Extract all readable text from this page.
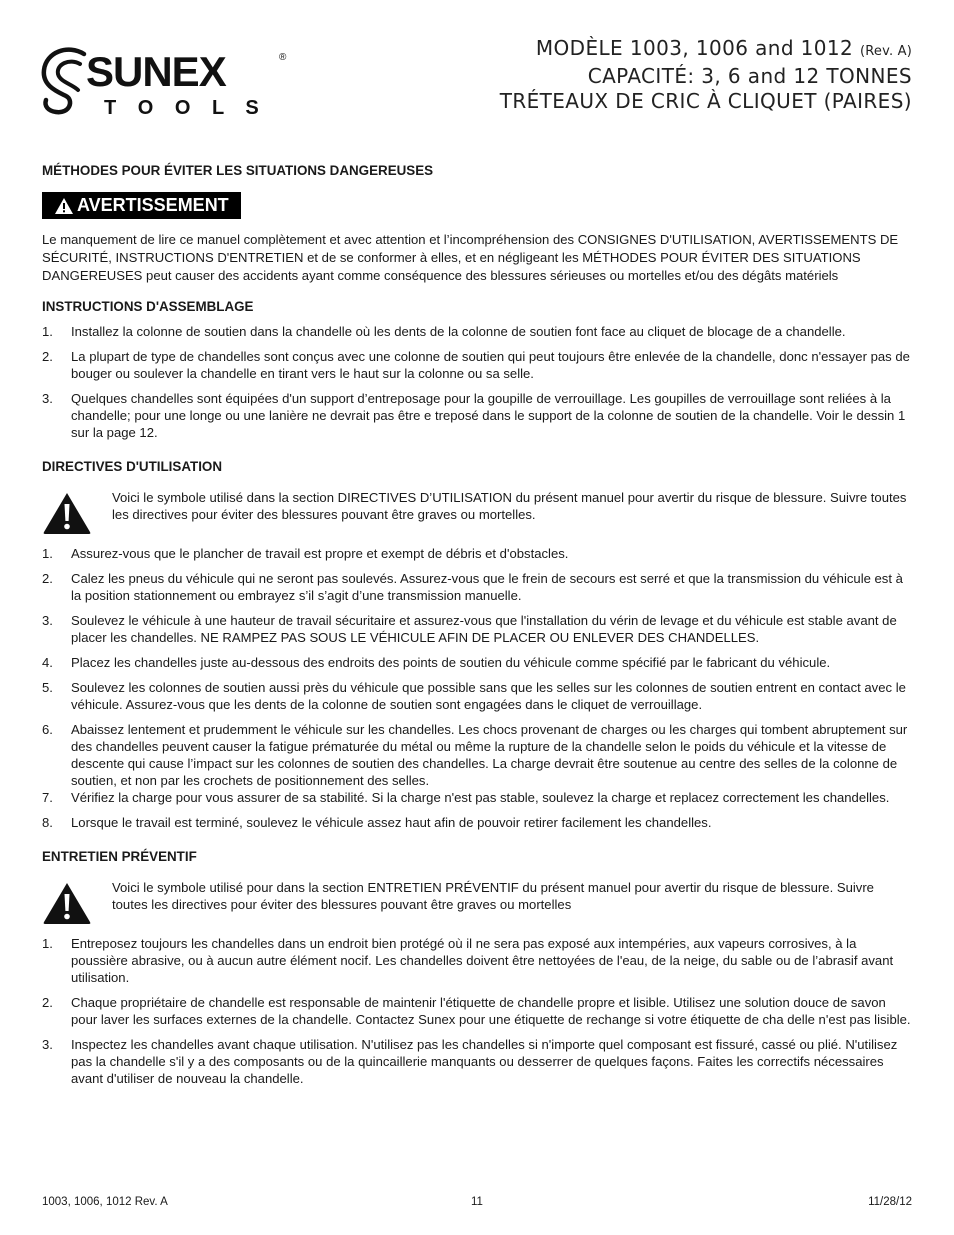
SUNEX	®
T O O L S
MODÈLE 1003, 1006 and 1012 (Rev. A)
CAPACITÉ: 3, 6 and 12 TONNES
TRÉTEAUX DE CRIC À CLIQUET (PAIRES)
MÉTHODES POUR ÉVITER LES SITUATIONS DANGEREUSES
AVERTISSEMENT

Le manquement de lire ce manuel complètement et avec attention et l’incompréhension des CONSIGNES D'UTILISATION, AVERTISSEMENTS DE SÉCURITÉ, INSTRUCTIONS D'ENTRETIEN et de se conformer à elles, et en négligeant les MÉTHODES POUR ÉVITER DES SITUATIONS DANGEREUSES peut causer des accidents ayant comme conséquence des blessures sérieuses ou mortelles et/ou des dégâts matériels

INSTRUCTIONS D'ASSEMBLAGE
1.	Installez la colonne de soutien dans la chandelle où les dents de la colonne de soutien font face au cliquet de blocage de a chandelle.
2.	La plupart de type de chandelles sont conçus avec une colonne de soutien qui peut toujours être enlevée de la chandelle, donc n'essayer pas de bouger ou soulever la chandelle en tirant vers le haut sur la colonne ou sa selle.
3.	Quelques chandelles sont équipées d'un support d’entreposage pour la goupille de verrouillage. Les goupilles de verrouillage sont reliées à la chandelle; pour une longe ou une lanière ne devrait pas être e treposé dans le support de la colonne de soutien de la chandelle. Voir le dessin 1 sur la page 12.
DIRECTIVES D'UTILISATION
Voici le symbole utilisé dans la section DIRECTIVES D’UTILISATION du présent manuel pour avertir du risque de blessure. Suivre toutes les directives pour éviter des blessures pouvant être graves ou mortelles.
1.	Assurez-vous que le plancher de travail est propre et exempt de débris et d'obstacles.
2.	Calez les pneus du véhicule qui ne seront pas soulevés. Assurez-vous que le frein de secours est serré et que la transmission du véhicule est à la position stationnement ou embrayez s’il s’agit d’une transmission manuelle.
3.	Soulevez le véhicule à une hauteur de travail sécuritaire et assurez-vous que l'installation du vérin de levage et du véhicule est stable avant de placer les chandelles. NE RAMPEZ PAS SOUS LE VÉHICULE AFIN DE PLACER OU ENLEVER DES CHANDELLES.
4.	Placez les chandelles juste au-dessous des endroits des points de soutien du véhicule comme spécifié par le fabricant du véhicule.
5.	Soulevez les colonnes de soutien aussi près du véhicule que possible sans que les selles sur les colonnes de soutien entrent en contact avec le véhicule. Assurez-vous que les dents de la colonne de soutien sont engagées dans le cliquet de verrouillage.
6.	Abaissez lentement et prudemment le véhicule sur les chandelles. Les chocs provenant de charges ou les charges qui tombent abruptement sur des chandelles peuvent causer la fatigue prématurée du métal ou même la rupture de la chandelle selon le poids du véhicule et la vitesse de descente qui cause l’impact sur les colonnes de soutien des chandelles. La charge devrait être soutenue au centre des selles de la colonne de soutien, et non par les crochets de positionnement des selles.
7.	Vérifiez la charge pour vous assurer de sa stabilité. Si la charge n'est pas stable, soulevez la charge et replacez correctement les chandelles.
8.	Lorsque le travail est terminé, soulevez le véhicule assez haut afin de pouvoir retirer facilement les chandelles.
ENTRETIEN PRÉVENTIF
Voici le symbole utilisé pour dans la section ENTRETIEN PRÉVENTIF du présent manuel pour avertir du risque de blessure. Suivre toutes les directives pour éviter des blessures pouvant être graves ou mortelles
1.	Entreposez toujours les chandelles dans un endroit bien protégé où il ne sera pas exposé aux intempéries, aux vapeurs corrosives, à la poussière abrasive, ou à aucun autre élément nocif. Les chandelles doivent être nettoyées de l'eau, de la neige, du sable ou de l’abrasif avant utilisation.
2.	Chaque propriétaire de chandelle est responsable de maintenir l'étiquette de chandelle propre et lisible. Utilisez une solution douce de savon pour laver les surfaces externes de la chandelle. Contactez Sunex pour une étiquette de rechange si votre étiquette de cha delle n'est pas lisible.
3.	Inspectez les chandelles avant chaque utilisation. N'utilisez pas les chandelles si n'importe quel composant est fissuré, cassé ou plié. N'utilisez pas la chandelle s'il y a des composants ou de la quincaillerie manquants ou desserrer de quelques façons. Faites les correctifs nécessaires avant d'utiliser de nouveau la chandelle.
1003, 1006, 1012 Rev. A	11	11/28/12
